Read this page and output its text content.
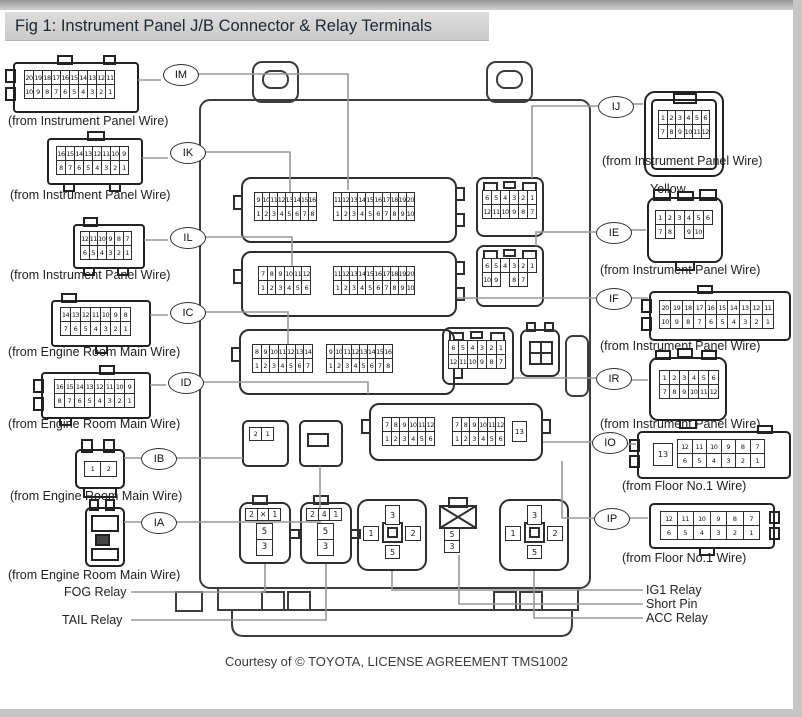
Fig 1: Instrument Panel J/B Connector & Relay Terminals
20 19 18 17 16 15 14 13 12 11
10 9 8 7 6 5 4 3 2 1
16 15 14 13 12 11 10 9
8 7 6 5 4 3 2 1
12 11 10 9 8 7
6 5 4 3 2 1
14 13 12 11 10 9 8
7 6 5 4 3 2 1
16 15 14 13 12 11 10 9
8 7 6 5 4 3 2 1
1	2
1 2 3 4 5 6
7 8 9 10 11 12
1 2 3 4 5 6
7 8	9 10
20 19 18 17 16 15 14 13 12 11
10 9	8	7	6	5	4	3	2	1
1 2 3 4 5 6
7 8 9 10 11 12
12	11	10	9	8	7
6	5	4	3	2	1
13
12	11	10	9	8	7
6	5	4	3	2	1
9 10 11 12 13 14 15 16
1 2 3 4 5 6 7 8
11 12 13 14 15 16 17 18 19 20
1 2 3 4 5 6 7 8 9 10
7 8 9 10 11 12
1 2 3 4 5 6
11 12 13 14 15 16 17 18 19 20
1 2 3 4 5 6 7 8 9 10
8 9 10 11 12 13 14
1 2 3 4 5 6 7
9 10 11 12 13 14 15 16
1 2 3 4 5 6 7 8
7 8 9 10 11 12
1 2 3 4 5 6
7 8 9 10 11 12
1 2 3 4 5 6
13
6 5 4 3 2 1
12 11 10 9 8 7
6 5 4 3 2 1
10 9	8 7
6 5 4 3 2 1
12 11 10 9 8 7
2	1
2 ✕ 1
5
3
2 4 1
5
3
3
1	2
5
5
3
3
1	2
5
IM
IK
IL
IC
ID
IB
IA
IJ
IE
IF
IR
IO
IP
(from Instrument Panel Wire)
(from Instrument Panel Wire)
(from Instrument Panel Wire)
(from Engine Room Main Wire)
(from Engine Room Main Wire)
(from Engine Room Main Wire)
(from Engine Room Main Wire)
(from Instrument Panel Wire)
Yellow
(from Instrument Panel Wire)
(from Instrument Panel Wire)
(from Instrument Panel Wire)
(from Floor No.1 Wire)
(from Floor No.1 Wire)
FOG Relay
TAIL Relay
IG1 Relay
Short Pin
ACC Relay
Courtesy of © TOYOTA, LICENSE AGREEMENT TMS1002
